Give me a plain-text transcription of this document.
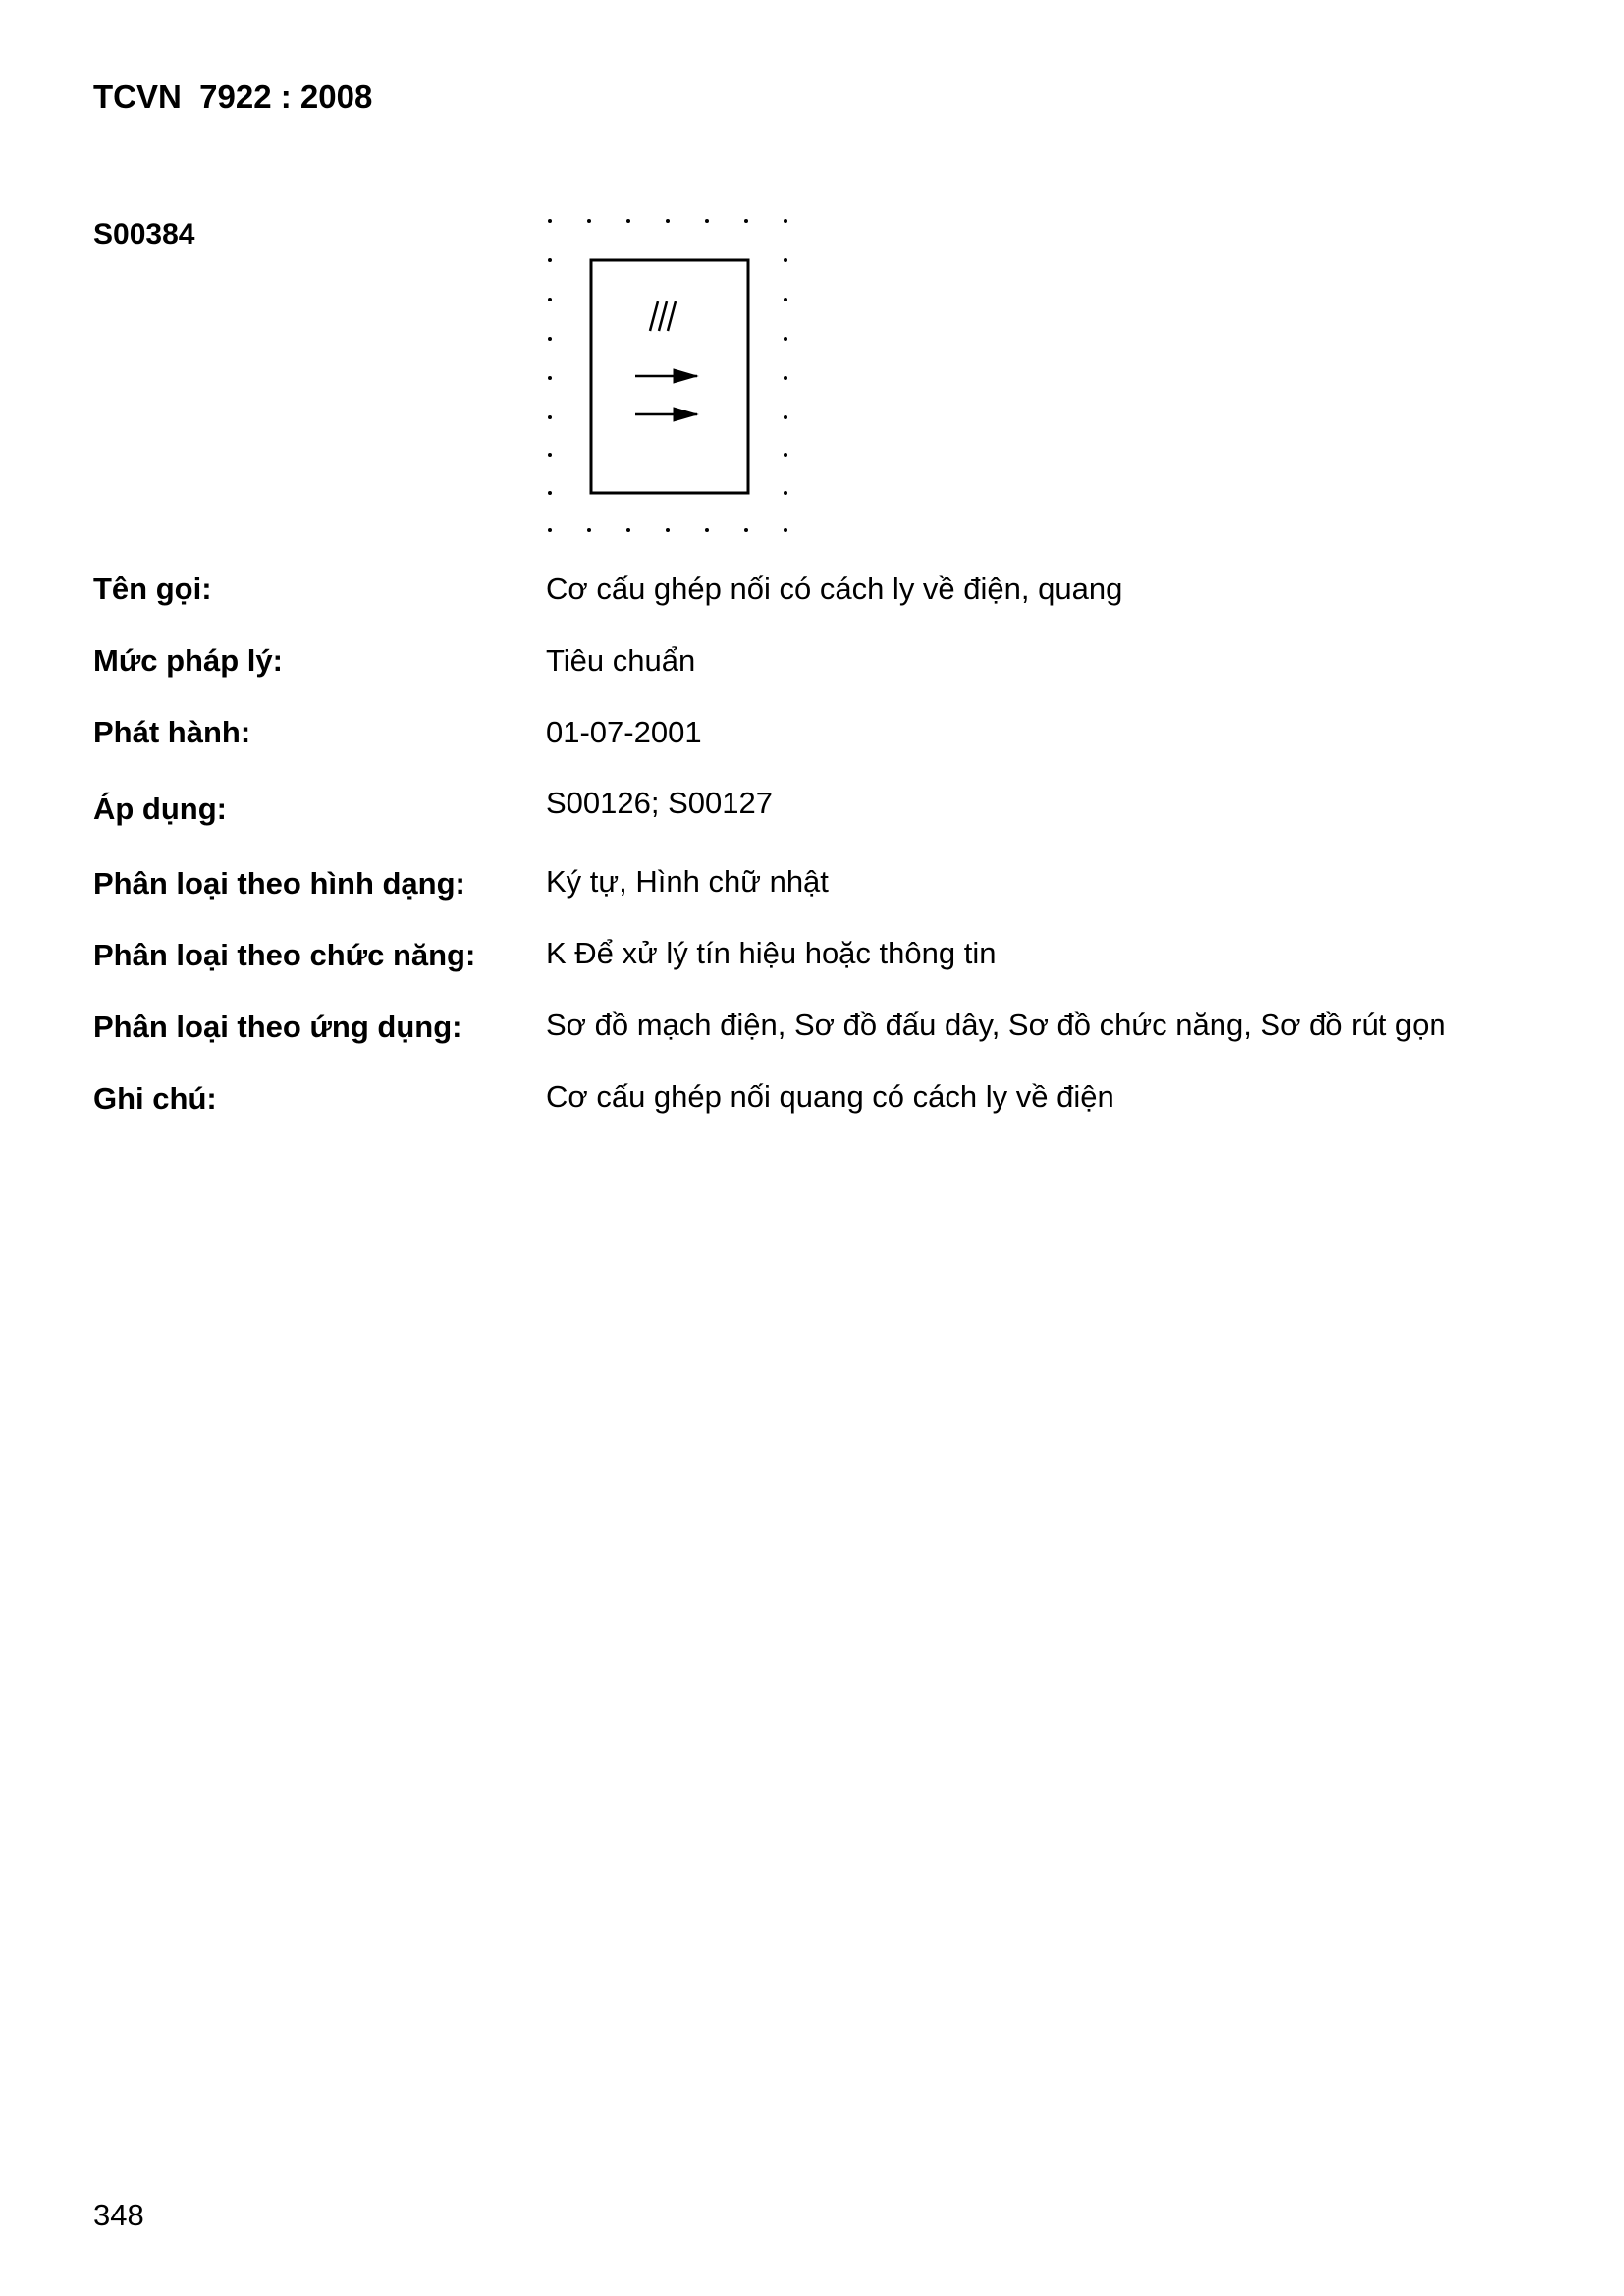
TCVN  7922 : 2008
S00384
Tên gọi:	Cơ cấu ghép nối có cách ly về điện, quang
Mức pháp lý:	Tiêu chuẩn
Phát hành:	01-07-2001
Áp dụng:	S00126; S00127
Phân loại theo hình dạng:	Ký tự, Hình chữ nhật
Phân loại theo chức năng: K Để xử lý tín hiệu hoặc thông tin
Phân loại theo ứng dụng:	Sơ đồ mạch điện, Sơ đồ đấu dây, Sơ đồ chức năng, Sơ đồ rút gọn
Ghi chú:	Cơ cấu ghép nối quang có cách ly về điện
348
